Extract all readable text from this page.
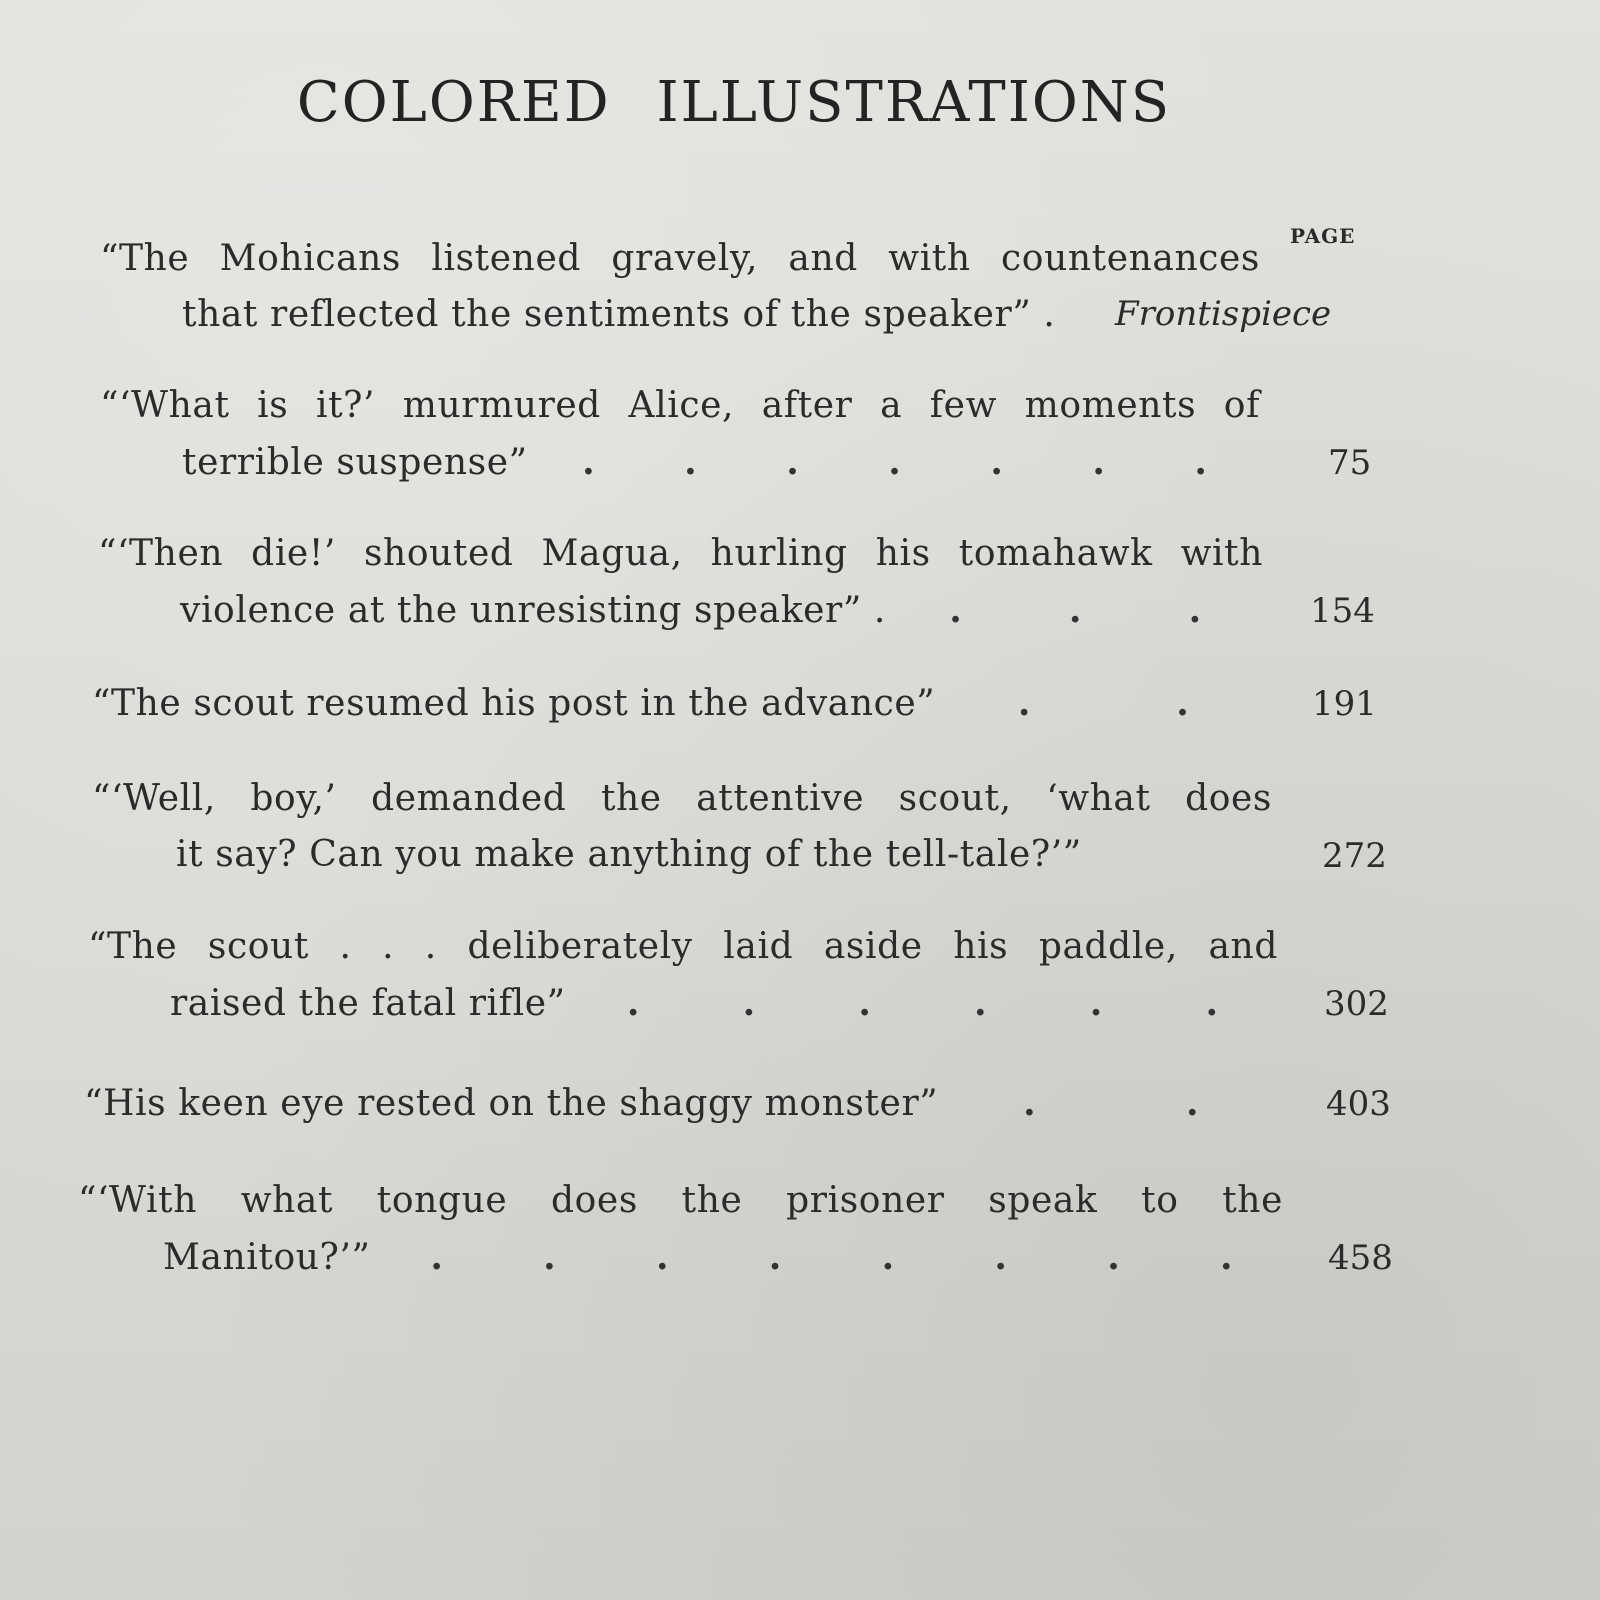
COLORED ILLUSTRATIONS
PAGE
“The Mohicans listened gravely, and with countenances
that reflected the sentiments of the speaker” . Frontispiece
“‘What is it?’ murmured Alice, after a few moments of
terrible suspense” . . . . . . .	75
“‘Then die!’ shouted Magua, hurling his tomahawk with
violence at the unresisting speaker” . .	.	.	154
“The scout resumed his post in the advance” .	.	191
“‘Well, boy,’ demanded the attentive scout, ‘what does
it say? Can you make anything of the tell-tale?’”	272
“The scout . . . deliberately laid aside his paddle, and
raised the fatal rifle” .	.	.	.	.	.	302
“His keen eye rested on the shaggy monster” .	.	403
“‘With what tongue does the prisoner speak to the
Manitou?’” .	.	.	.	.	.	.	.	458
